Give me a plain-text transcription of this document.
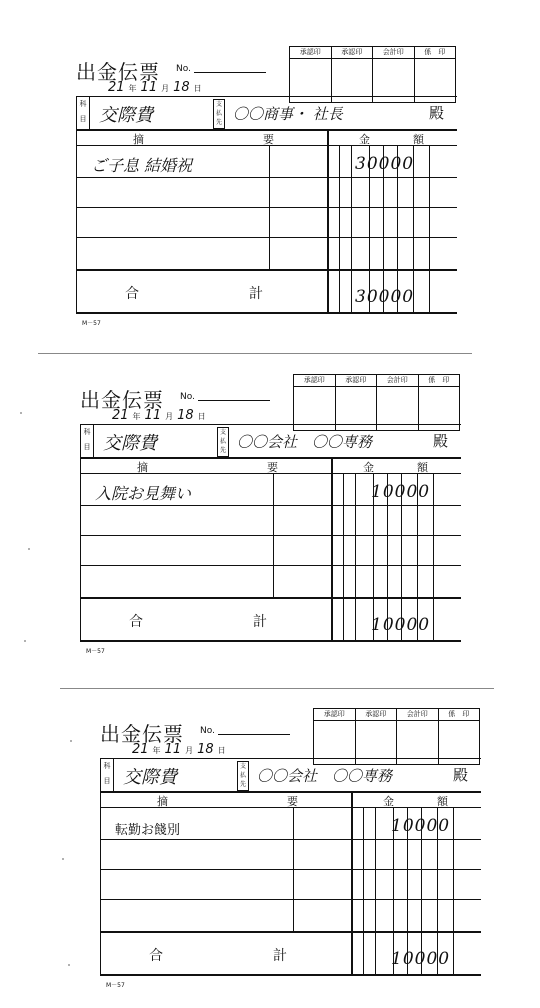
出金伝票 No.
承認印	承認印	会計印	係　印
21 年 11 月 18 日
科目 交際費
支払先 〇〇商事・ 社長	殿
摘	要	金	額
ご子息 結婚祝	30000
合	計	30000
M－57
出金伝票 No.
承認印	承認印	会計印	係　印
21 年 11 月 18 日
科目 交際費
支払先 〇〇会社　〇〇専務	殿
摘	要	金	額
入院お見舞い	10000
合	計	10000
M－57
出金伝票 No.
承認印	承認印	会計印	係　印
21 年 11 月 18 日
科目 交際費
支払先 〇〇会社　〇〇専務	殿
摘	要	金	額
転勤お餞別	10000
合	計	10000
M－57
